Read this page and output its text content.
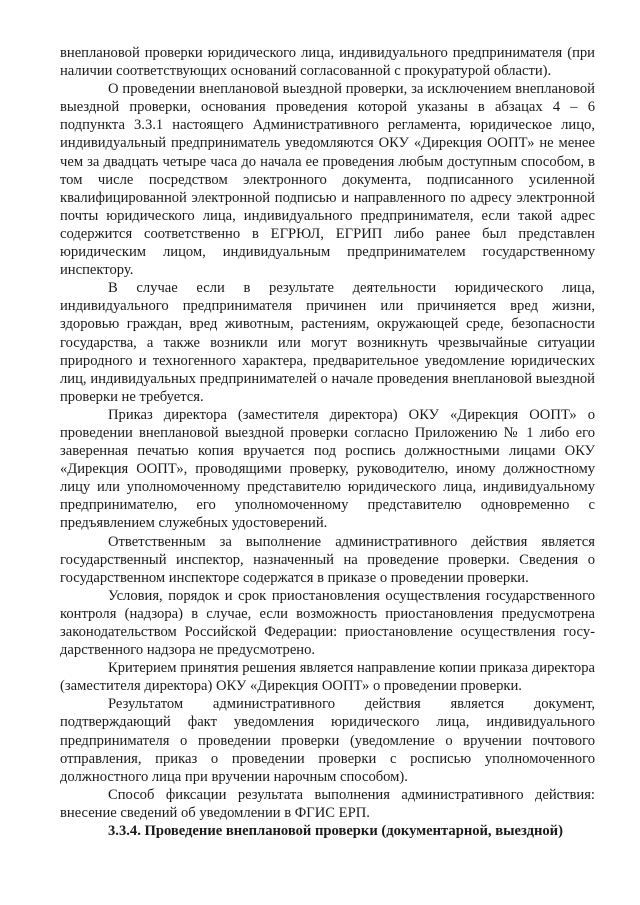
внеплановой проверки юридического лица, индивидуального предпринимателя (при наличии соответствующих оснований согласованной с прокуратурой области).

О проведении внеплановой выездной проверки, за исключением внеплановой выездной проверки, основания проведения которой указаны в абзацах 4 – 6 подпункта 3.3.1 настоящего Административного регламента, юридическое лицо, индивидуальный предприниматель уведомляются ОКУ «Дирекция ООПТ» не менее чем за двадцать четыре часа до начала ее проведения любым доступным способом, в том числе посредством электронного документа, подписанного усиленной квалифицированной электронной подписью и направленного по адресу электронной почты юридического лица, индивидуального предпринимателя, если такой адрес содержится соответственно в ЕГРЮЛ, ЕГРИП либо ранее был представлен юридическим лицом, индивидуальным предпринимателем государственному инспектору.

В случае если в результате деятельности юридического лица, индивидуального предпринимателя причинен или причиняется вред жизни, здоровью граждан, вред животным, растениям, окружающей среде, безопасности государства, а также возникли или могут возникнуть чрезвычайные ситуации природного и техногенного характера, предварительное уведомление юридических лиц, индивидуальных предпринимателей о начале проведения внеплановой выездной проверки не требуется.

Приказ директора (заместителя директора) ОКУ «Дирекция ООПТ» о проведении внеплановой выездной проверки согласно Приложению № 1 либо его заверенная печатью копия вручается под роспись должностными лицами ОКУ «Дирекция ООПТ», проводящими проверку, руководителю, иному должностному лицу или уполномоченному представителю юридического лица, индивидуальному предпринимателю, его уполномоченному представителю одновременно с предъявлением служебных удостоверений.

Ответственным за выполнение административного действия является государственный инспектор, назначенный на проведение проверки. Сведения о государственном инспекторе содержатся в приказе о проведении проверки.

Условия, порядок и срок приостановления осуществления государственного контроля (надзора) в случае, если возможность приостановления предусмотрена законодательством Российской Федерации: приостановление осуществления госу-дарственного надзора не предусмотрено.

Критерием принятия решения является направление копии приказа директора (заместителя директора) ОКУ «Дирекция ООПТ» о проведении проверки.

Результатом административного действия является документ, подтверждающий факт уведомления юридического лица, индивидуального предпринимателя о проведении проверки (уведомление о вручении почтового отправления, приказ о проведении проверки с росписью уполномоченного должностного лица при вручении нарочным способом).

Способ фиксации результата выполнения административного действия: внесение сведений об уведомлении в ФГИС ЕРП.

3.3.4. Проведение внеплановой проверки (документарной, выездной)
